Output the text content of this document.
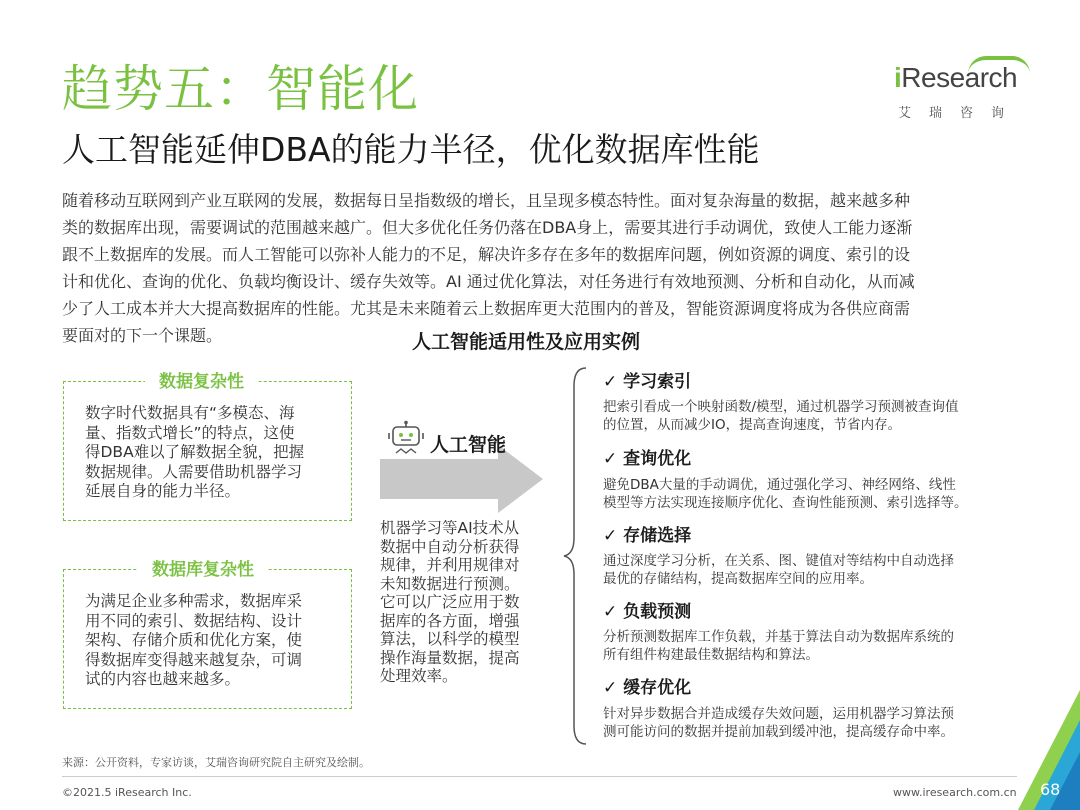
趋势五：智能化
人工智能延伸DBA的能力半径，优化数据库性能
iResearch
艾瑞咨询

随着移动互联网到产业互联网的发展，数据每日呈指数级的增长，且呈现多模态特性。面对复杂海量的数据，越来越多种

类的数据库出现，需要调试的范围越来越广。但大多优化任务仍落在DBA身上，需要其进行手动调优，致使人工能力逐渐

跟不上数据库的发展。而人工智能可以弥补人能力的不足，解决许多存在多年的数据库问题，例如资源的调度、索引的设

计和优化、查询的优化、负载均衡设计、缓存失效等。AI 通过优化算法，对任务进行有效地预测、分析和自动化，从而减

少了人工成本并大大提高数据库的性能。尤其是未来随着云上数据库更大范围内的普及，智能资源调度将成为各供应商需

要面对的下一个课题。	人工智能适用性及应用实例
数据复杂性

数字时代数据具有“多模态、海

量、指数式增长”的特点，这使

得DBA难以了解数据全貌，把握

数据规律。人需要借助机器学习

延展自身的能力半径。

数据库复杂性

为满足企业多种需求，数据库采

用不同的索引、数据结构、设计

架构、存储介质和优化方案，使

得数据库变得越来越复杂，可调

试的内容也越来越多。

人工智能

机器学习等AI技术从

数据中自动分析获得

规律，并利用规律对

未知数据进行预测。

它可以广泛应用于数

据库的各方面，增强

算法，以科学的模型

操作海量数据，提高

处理效率。

✓ 学习索引

把索引看成一个映射函数/模型，通过机器学习预测被查询值

的位置，从而减少IO，提高查询速度，节省内存。

✓ 查询优化

避免DBA大量的手动调优，通过强化学习、神经网络、线性

模型等方法实现连接顺序优化、查询性能预测、索引选择等。

✓ 存储选择

通过深度学习分析，在关系、图、键值对等结构中自动选择

最优的存储结构，提高数据库空间的应用率。

✓ 负载预测

分析预测数据库工作负载，并基于算法自动为数据库系统的

所有组件构建最佳数据结构和算法。

✓ 缓存优化

针对异步数据合并造成缓存失效问题，运用机器学习算法预

测可能访问的数据并提前加载到缓冲池，提高缓存命中率。

来源：公开资料，专家访谈，艾瑞咨询研究院自主研究及绘制。
©2021.5 iResearch Inc.	www.iresearch.com.cn 68
